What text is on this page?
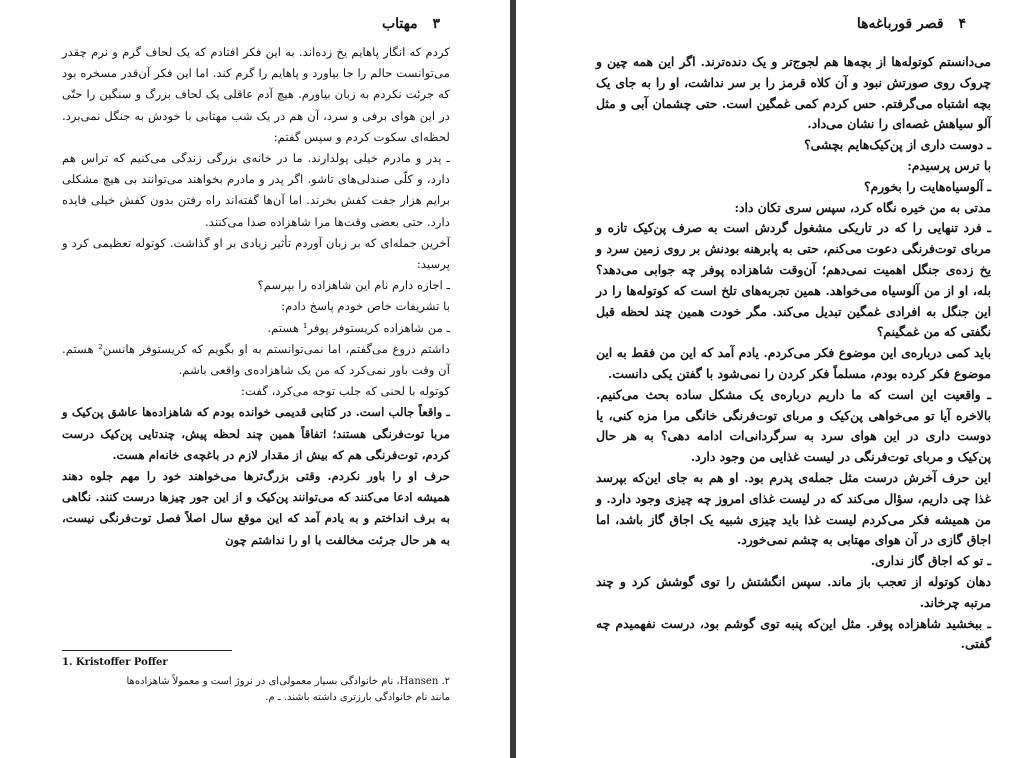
۳ مهتاب

کردم که انگار پاهایم یخ زده‌اند. به این فکر افتادم که یک لحاف گرم و نرم چقدر می‌توانست حالم را جا بیاورد و پاهایم را گرم کند. اما این فکر آن‌قدر مسخره بود که جرئت نکردم به زبان بیاورم. هیچ آدم عاقلی یک لحاف بزرگ و سنگین را حتّی در این هوای برفی و سرد، آن هم در یک شب مهتابی با خودش به جنگل نمی‌برد. لحظه‌ای سکوت کردم و سپس گفتم:

ـ پدر و مادرم خیلی پولدارند. ما در خانه‌ی بزرگی زندگی می‌کنیم که تراس هم دارد، و کلّی صندلی‌های تاشو. اگر پدر و مادرم بخواهند می‌توانند بی هیچ مشکلی برایم هزار جفت کفش بخرند. اما آن‌ها گفته‌اند راه رفتن بدون کفش خیلی فایده دارد. حتی بعضی وقت‌ها مرا شاهزاده صدا می‌کنند.

آخرین جمله‌ای که بر زبان آوردم تأثیر زیادی بر او گذاشت. کوتوله تعظیمی کرد و پرسید:

ـ اجازه دارم نام این شاهزاده را بپرسم؟

با تشریفات خاص خودم پاسخ دادم:

ـ من شاهزاده کریستوفر پوفر¹ هستم.

داشتم دروغ می‌گفتم، اما نمی‌توانستم به او بگویم که کریستوفر هانسن² هستم. آن وقت باور نمی‌کرد که من یک شاهزاده‌ی واقعی باشم.

کوتوله با لحنی که جلب توجه می‌کرد، گفت:

ـ واقعاً جالب است. در کتابی قدیمی خوانده بودم که شاهزاده‌ها عاشق پن‌کیک و مربا توت‌فرنگی هستند؛ اتفاقاً همین چند لحظه پیش، چندتایی پن‌کیک درست کردم، توت‌فرنگی هم که بیش از مقدار لازم در باغچه‌ی خانه‌ام هست.

حرف او را باور نکردم. وقتی بزرگ‌ترها می‌خواهند خود را مهم جلوه دهند همیشه ادعا می‌کنند که می‌توانند پن‌کیک و از این جور چیزها درست کنند. نگاهی به برف انداختم و به یادم آمد که این موقع سال اصلاً فصل توت‌فرنگی نیست، به هر حال جرئت مخالفت با او را نداشتم چون

1. Kristoffer Poffer

۲. Hansen، نام خانوادگی بسیار معمولی‌ای در نروژ است و معمولاً شاهزاده‌ها

مانند نام خانوادگی بارزتری داشته باشند. ـ م.

۴ قصر قورباغه‌ها

می‌دانستم کوتوله‌ها از بچه‌ها هم لجوج‌تر و یک دنده‌ترند. اگر این همه چین و چروک روی صورتش نبود و آن کلاه قرمز را بر سر نداشت، او را به جای یک بچه اشتباه می‌گرفتم. حس کردم کمی غمگین است. حتی چشمان آبی و مثل آلو سیاهش غصه‌ای را نشان می‌داد.

ـ دوست داری از پن‌کیک‌هایم بچشی؟

با ترس پرسیدم:

ـ آلوسیاه‌هایت را بخورم؟

مدتی به من خیره نگاه کرد، سپس سری تکان داد:

ـ فرد تنهایی را که در تاریکی مشغول گردش است به صرف پن‌کیک تازه و مربای توت‌فرنگی دعوت می‌کنم، حتی به پابرهنه بودنش بر روی زمین سرد و یخ زده‌ی جنگل اهمیت نمی‌دهم؛ آن‌وقت شاهزاده پوفر چه جوابی می‌دهد؟ بله، او از من آلوسیاه می‌خواهد. همین تجربه‌های تلخ است که کوتوله‌ها را در این جنگل به افرادی غمگین تبدیل می‌کند. مگر خودت همین چند لحظه قبل نگفتی که من غمگینم؟

باید کمی درباره‌ی این موضوع فکر می‌کردم. یادم آمد که این من فقط به این موضوع فکر کرده بودم، مسلماً فکر کردن را نمی‌شود با گفتن یکی دانست.

ـ واقعیت این است که ما داریم درباره‌ی یک مشکل ساده بحث می‌کنیم. بالاخره آیا تو می‌خواهی پن‌کیک و مربای توت‌فرنگی خانگی مرا مزه کنی، یا دوست داری در این هوای سرد به سرگردانی‌ات ادامه دهی؟ به هر حال پن‌کیک و مربای توت‌فرنگی در لیست غذایی من وجود دارد.

این حرف آخرش درست مثل جمله‌ی پدرم بود. او هم به جای این‌که بپرسد غذا چی داریم، سؤال می‌کند که در لیست غذای امروز چه چیزی وجود دارد. و من همیشه فکر می‌کردم لیست غذا باید چیزی شبیه یک اجاق گاز باشد، اما اجاق گازی در آن هوای مهتابی به چشم نمی‌خورد.

ـ تو که اجاق گاز نداری.

دهان کوتوله از تعجب باز ماند. سپس انگشتش را توی گوشش کرد و چند مرتبه چرخاند.

ـ ببخشید شاهزاده پوفر. مثل این‌که پنبه توی گوشم بود، درست نفهمیدم چه گفتی.
